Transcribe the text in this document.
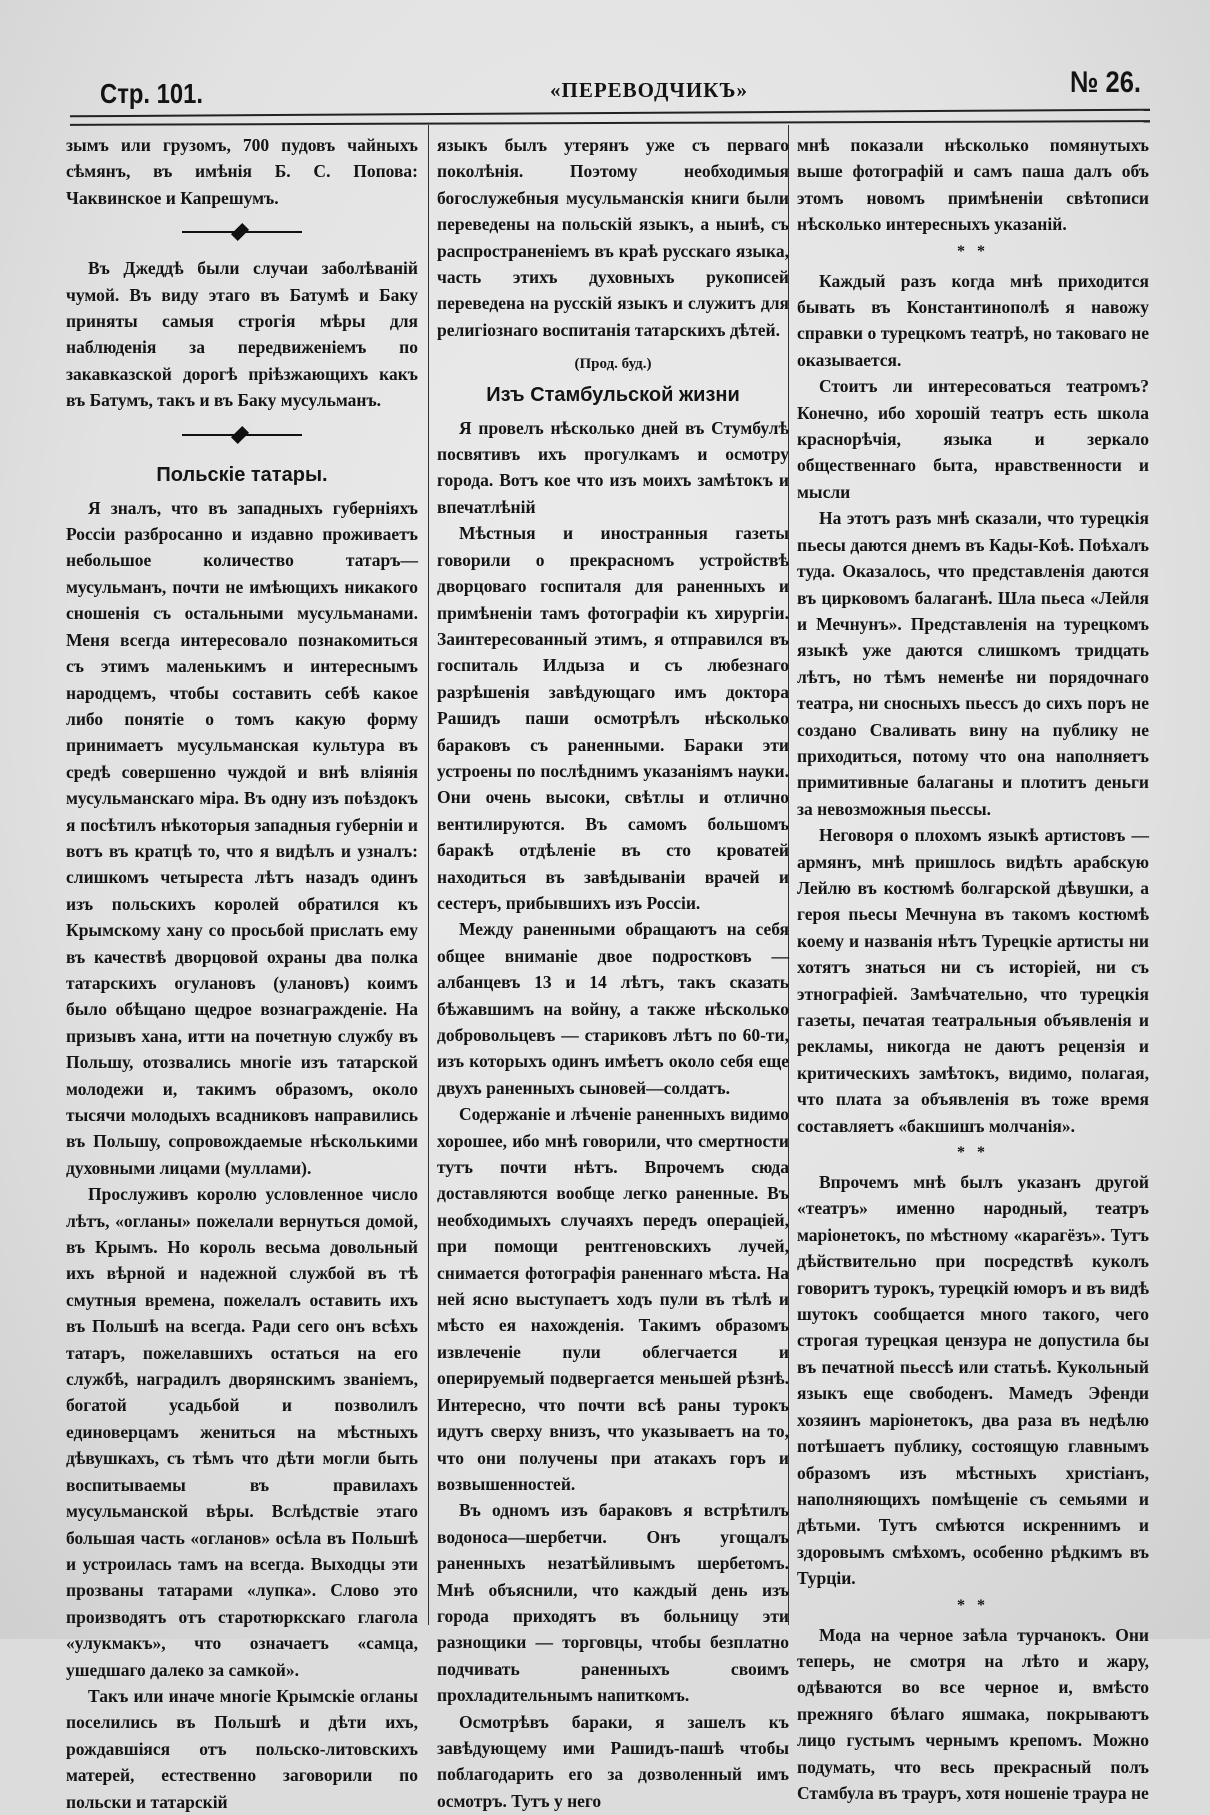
Стр. 101.	«ПЕРЕВОДЧИКЪ»	№ 26.

зымъ или грузомъ, 700 пудовъ чайныхъ сѣмянъ, въ имѣнія Б. С. Попова: Чаквинское и Капрешумъ.

Въ Джеддѣ были случаи заболѣваній чумой. Въ виду этаго въ Батумѣ и Баку приняты самыя строгія мѣры для наблюденія за передвиженіемъ по закавказской дорогѣ пріѣзжающихъ какъ въ Батумъ, такъ и въ Баку мусульманъ.

Польскіе татары.

Я зналъ, что въ западныхъ губерніяхъ Россіи разбросанно и издавно проживаетъ небольшое количество татаръ—мусульманъ, почти не имѣющихъ никакого сношенія съ остальными мусульманами. Меня всегда интересовало познакомиться съ этимъ маленькимъ и интереснымъ народцемъ, чтобы составить себѣ какое либо понятіе о томъ какую форму принимаетъ мусульманская культура въ средѣ совершенно чуждой и внѣ вліянія мусульманскаго міра. Въ одну изъ поѣздокъ я посѣтилъ нѣкоторыя западныя губерніи и вотъ въ кратцѣ то, что я видѣлъ и узналъ: слишкомъ четыреста лѣтъ назадъ одинъ изъ польскихъ королей обратился къ Крымскому хану со просьбой прислать ему въ качествѣ дворцовой охраны два полка татарскихъ огулановъ (улановъ) коимъ было обѣщано щедрое вознагражденіе. На призывъ хана, итти на почетную службу въ Польшу, отозвались многіе изъ татарской молодежи и, такимъ образомъ, около тысячи молодыхъ всадниковъ направились въ Польшу, сопровождаемые нѣсколькими духовными лицами (муллами).

Прослуживъ королю условленное число лѣтъ, «огланы» пожелали вернуться домой, въ Крымъ. Но король весьма довольный ихъ вѣрной и надежной службой въ тѣ смутныя времена, пожелалъ оставить ихъ въ Польшѣ на всегда. Ради сего онъ всѣхъ татаръ, пожелавшихъ остаться на его службѣ, наградилъ дворянскимъ званіемъ, богатой усадьбой и позволилъ единоверцамъ жениться на мѣстныхъ дѣвушкахъ, съ тѣмъ что дѣти могли быть воспитываемы въ правилахъ мусульманской вѣры. Вслѣдствіе этаго большая часть «огланов» осѣла въ Польшѣ и устроилась тамъ на всегда. Выходцы эти прозваны татарами «лупка». Слово это производятъ отъ старотюркскаго глагола «улукмакъ», что означаетъ «самца, ушедшаго далеко за самкой».

Такъ или иначе многіе Крымскіе огланы поселились въ Польшѣ и дѣти ихъ, рождавшіяся отъ польско-литовскихъ матерей, естественно заговорили по польски и татарскій

языкъ былъ утерянъ уже съ перваго поколѣнія. Поэтому необходимыя богослужебныя мусульманскія книги были переведены на польскій языкъ, а нынѣ, съ распространеніемъ въ краѣ русскаго языка, часть этихъ духовныхъ рукописей переведена на русскій языкъ и служитъ для религіознаго воспитанія татарскихъ дѣтей.

(Прод. буд.)
Изъ Стамбульской жизни

Я провелъ нѣсколько дней въ Стумбулѣ посвятивъ ихъ прогулкамъ и осмотру города. Вотъ кое что изъ моихъ замѣтокъ и впечатлѣній

Мѣстныя и иностранныя газеты говорили о прекрасномъ устройствѣ дворцоваго госпиталя для раненныхъ и примѣненіи тамъ фотографіи къ хирургіи. Заинтересованный этимъ, я отправился въ госпиталь Илдыза и съ любезнаго разрѣшенія завѣдующаго имъ доктора Рашидъ паши осмотрѣлъ нѣсколько бараковъ съ раненными. Бараки эти устроены по послѣднимъ указаніямъ науки. Они очень высоки, свѣтлы и отлично вентилируются. Въ самомъ большомъ баракѣ отдѣленіе въ сто кроватей находиться въ завѣдываніи врачей и сестеръ, прибывшихъ изъ Россіи.

Между раненными обращаютъ на себя общее вниманіе двое подростковъ — албанцевъ 13 и 14 лѣтъ, такъ сказать бѣжавшимъ на войну, а также нѣсколько добровольцевъ — стариковъ лѣтъ по 60-ти, изъ которыхъ одинъ имѣетъ около себя еще двухъ раненныхъ сыновей—солдатъ.

Содержаніе и лѣченіе раненныхъ видимо хорошее, ибо мнѣ говорили, что смертности тутъ почти нѣтъ. Впрочемъ сюда доставляются вообще легко раненные. Въ необходимыхъ случаяхъ передъ операціей, при помощи рентгеновскихъ лучей, снимается фотографія раненнаго мѣста. На ней ясно выступаетъ ходъ пули въ тѣлѣ и мѣсто ея нахожденія. Такимъ образомъ извлеченіе пули облегчается и оперируемый подвергается меньшей рѣзнѣ. Интересно, что почти всѣ раны турокъ идутъ сверху внизъ, что указываетъ на то, что они получены при атакахъ горъ и возвышенностей.

Въ одномъ изъ бараковъ я встрѣтилъ водоноса—шербетчи. Онъ угощалъ раненныхъ незатѣйливымъ шербетомъ. Мнѣ объяснили, что каждый день изъ города приходятъ въ больницу эти разнощики — торговцы, чтобы безплатно подчивать раненныхъ своимъ прохладительнымъ напиткомъ.

Осмотрѣвъ бараки, я зашелъ къ завѣдующему ими Рашидъ-пашѣ чтобы поблагодарить его за дозволенный имъ осмотръ. Тутъ у него

мнѣ показали нѣсколько помянутыхъ выше фотографій и самъ паша далъ объ этомъ новомъ примѣненіи свѣтописи нѣсколько интересныхъ указаній.

* *

Каждый разъ когда мнѣ приходится бывать въ Константинополѣ я навожу справки о турецкомъ театрѣ, но таковаго не оказывается.

Стоитъ ли интересоваться театромъ? Конечно, ибо хорошій театръ есть школа краснорѣчія, языка и зеркало общественнаго быта, нравственности и мысли

На этотъ разъ мнѣ сказали, что турецкія пьесы даются днемъ въ Кады-Коѣ. Поѣхалъ туда. Оказалось, что представленія даются въ цирковомъ балаганѣ. Шла пьеса «Лейля и Мечнунъ». Представленія на турецкомъ языкѣ уже даются слишкомъ тридцать лѣтъ, но тѣмъ неменѣе ни порядочнаго театра, ни сносныхъ пьессъ до сихъ поръ не создано Сваливать вину на публику не приходиться, потому что она наполняетъ примитивные балаганы и плотитъ деньги за невозможныя пьессы.

Неговоря о плохомъ языкѣ артистовъ — армянъ, мнѣ пришлось видѣть арабскую Лейлю въ костюмѣ болгарской дѣвушки, а героя пьесы Мечнуна въ такомъ костюмѣ коему и названія нѣтъ Турецкіе артисты ни хотятъ знаться ни съ исторіей, ни съ этнографіей. Замѣчательно, что турецкія газеты, печатая театральныя объявленія и рекламы, никогда не даютъ рецензія и критическихъ замѣтокъ, видимо, полагая, что плата за объявленія въ тоже время составляетъ «бакшишъ молчанія».

* *

Впрочемъ мнѣ былъ указанъ другой «театръ» именно народный, театръ маріонетокъ, по мѣстному «карагёзъ». Тутъ дѣйствительно при посредствѣ куколъ говоритъ турокъ, турецкій юморъ и въ видѣ шутокъ сообщается много такого, чего строгая турецкая цензура не допустила бы въ печатной пьессѣ или статьѣ. Кукольный языкъ еще свободенъ. Мамедъ Эфенди хозяинъ маріонетокъ, два раза въ недѣлю потѣшаетъ публику, состоящую главнымъ образомъ изъ мѣстныхъ христіанъ, наполняющихъ помѣщеніе съ семьями и дѣтьми. Тутъ смѣются искреннимъ и здоровымъ смѣхомъ, особенно рѣдкимъ въ Турціи.

* *

Мода на черное заѣла турчанокъ. Они теперь, не смотря на лѣто и жару, одѣваются во все черное и, вмѣсто прежняго бѣлаго яшмака, покрываютъ лицо густымъ чернымъ крепомъ. Можно подумать, что весь прекрасный полъ Стамбула въ трауръ, хотя ношеніе траура не
